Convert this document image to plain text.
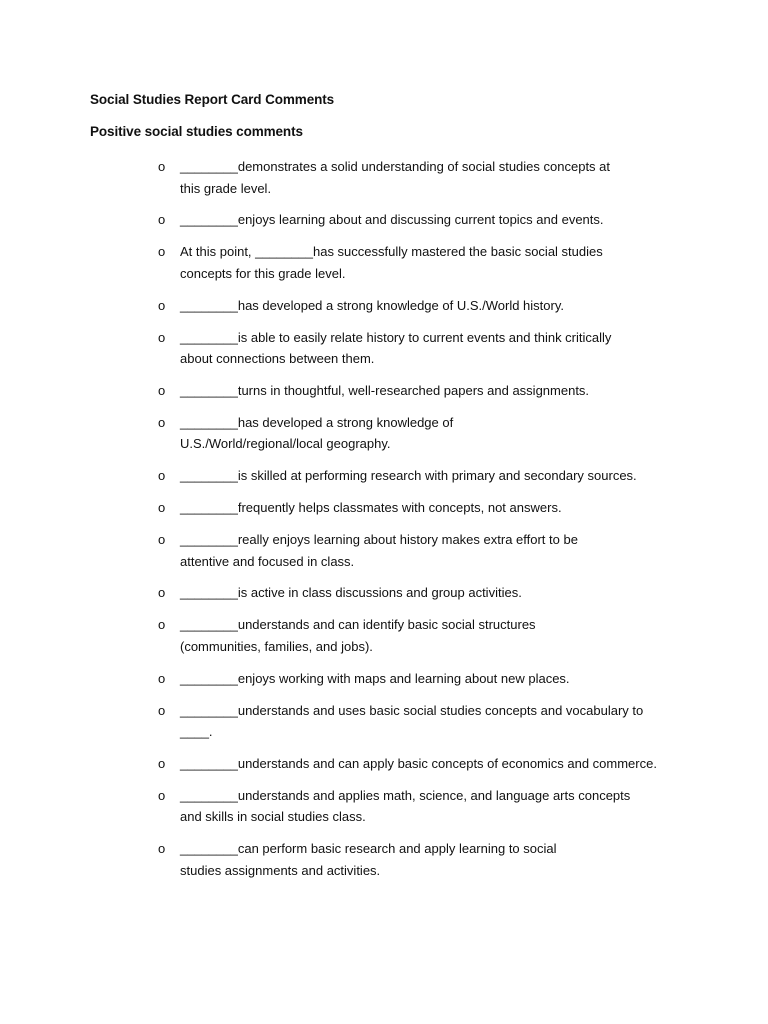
Social Studies Report Card Comments
Positive social studies comments
o ________demonstrates a solid understanding of social studies concepts at
this grade level.
o ________enjoys learning about and discussing current topics and events.
o At this point, ________has successfully mastered the basic social studies
concepts for this grade level.
o ________has developed a strong knowledge of U.S./World history.
o ________is able to easily relate history to current events and think critically
about connections between them.
o ________turns in thoughtful, well-researched papers and assignments.
o ________has developed a strong knowledge of
U.S./World/regional/local geography.
o ________is skilled at performing research with primary and secondary sources.
o ________frequently helps classmates with concepts, not answers.
o ________really enjoys learning about history makes extra effort to be
attentive and focused in class.
o ________is active in class discussions and group activities.
o ________understands and can identify basic social structures
(communities, families, and jobs).
o ________enjoys working with maps and learning about new places.
o ________understands and uses basic social studies concepts and vocabulary to
____.
o ________understands and can apply basic concepts of economics and commerce.
o ________understands and applies math, science, and language arts concepts
and skills in social studies class.
o ________can perform basic research and apply learning to social
studies assignments and activities.
